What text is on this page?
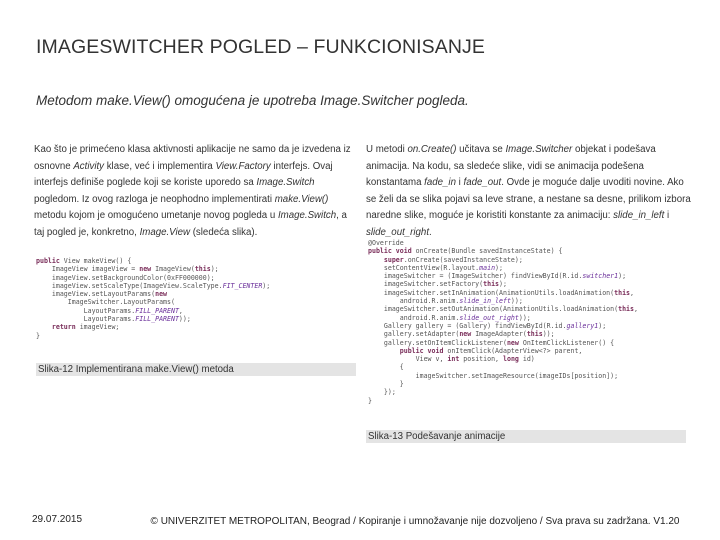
IMAGESWITCHER POGLED – FUNKCIONISANJE
Metodom make.View() omogućena je upotreba Image.Switcher pogleda.
Kao što je primećeno klasa aktivnosti aplikacije ne samo da je izvedena iz osnovne Activity klase, već i implementira View.Factory interfejs. Ovaj interfejs definiše poglede koji se koriste uporedo sa Image.Switch pogledom. Iz ovog razloga je neophodno implementirati make.View() metodu kojom je omogućeno umetanje novog pogleda u Image.Switch, a taj pogled je, konkretno, Image.View (sledeća slika).
public View makeView() {
ImageView imageView = new ImageView(this);
imageView.setBackgroundColor(0xFF000000);
imageView.setScaleType(ImageView.ScaleType.FIT_CENTER);
imageView.setLayoutParams(new
ImageSwitcher.LayoutParams(
LayoutParams.FILL_PARENT,
LayoutParams.FILL_PARENT));
return imageView;
}
Slika-12 Implementirana make.View() metoda
U metodi on.Create() učitava se Image.Switcher objekat i podešava animacija. Na kodu, sa sledeće slike, vidi se animacija podešena konstantama fade_in i fade_out. Ovde je moguće dalje uvoditi novine. Ako se želi da se slika pojavi sa leve strane, a nestane sa desne, prilikom izbora naredne slike, moguće je koristiti konstante za animaciju: slide_in_left i slide_out_right.
@Override
public void onCreate(Bundle savedInstanceState) {
super.onCreate(savedInstanceState);
setContentView(R.layout.main);
imageSwitcher = (ImageSwitcher) findViewById(R.id.switcher1);
imageSwitcher.setFactory(this);
imageSwitcher.setInAnimation(AnimationUtils.loadAnimation(this,
android.R.anim.slide_in_left));
imageSwitcher.setOutAnimation(AnimationUtils.loadAnimation(this,
android.R.anim.slide_out_right));
Gallery gallery = (Gallery) findViewById(R.id.gallery1);
gallery.setAdapter(new ImageAdapter(this));
gallery.setOnItemClickListener(new OnItemClickListener() {
public void onItemClick(AdapterView<?> parent,
View v, int position, long id)
{
imageSwitcher.setImageResource(imageIDs[position]);
}
});
}
Slika-13 Podešavanje animacije
29.07.2015	© UNIVERZITET METROPOLITAN, Beograd / Kopiranje i umnožavanje nije dozvoljeno / Sva prava su zadržana. V1.20
